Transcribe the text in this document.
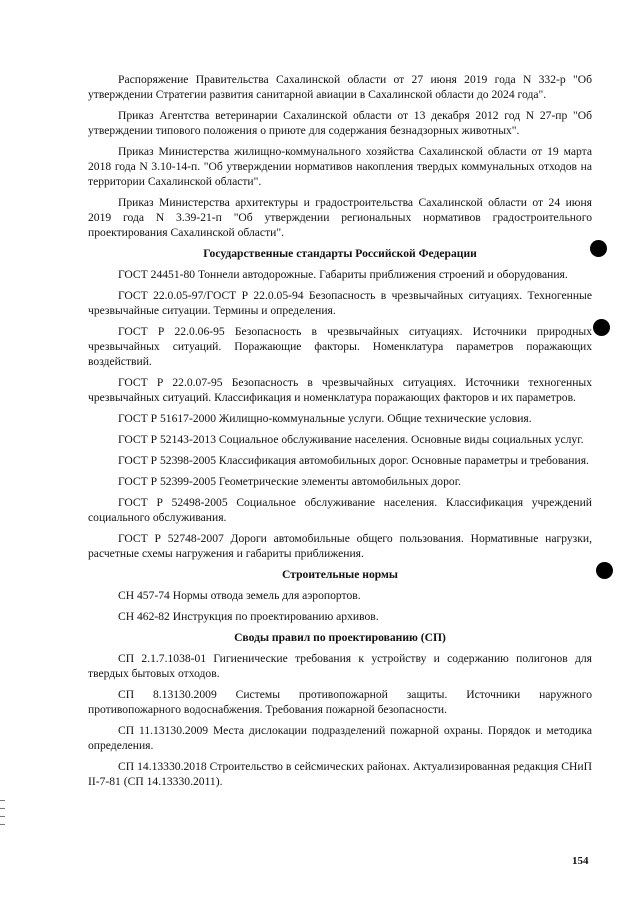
Распоряжение Правительства Сахалинской области от 27 июня 2019 года N 332-р "Об утверждении Стратегии развития санитарной авиации в Сахалинской области до 2024 года".

Приказ Агентства ветеринарии Сахалинской области от 13 декабря 2012 год N 27-пр "Об утверждении типового положения о приюте для содержания безнадзорных животных".

Приказ Министерства жилищно-коммунального хозяйства Сахалинской области от 19 марта 2018 года N 3.10-14-п. "Об утверждении нормативов накопления твердых коммунальных отходов на территории Сахалинской области".

Приказ Министерства архитектуры и градостроительства Сахалинской области от 24 июня 2019 года N 3.39-21-п "Об утверждении региональных нормативов градостроительного проектирования Сахалинской области".

Государственные стандарты Российской Федерации

ГОСТ 24451-80 Тоннели автодорожные. Габариты приближения строений и оборудования.

ГОСТ 22.0.05-97/ГОСТ Р 22.0.05-94 Безопасность в чрезвычайных ситуациях. Техногенные чрезвычайные ситуации. Термины и определения.

ГОСТ Р 22.0.06-95 Безопасность в чрезвычайных ситуациях. Источники природных чрезвычайных ситуаций. Поражающие факторы. Номенклатура параметров поражающих воздействий.

ГОСТ Р 22.0.07-95 Безопасность в чрезвычайных ситуациях. Источники техногенных чрезвычайных ситуаций. Классификация и номенклатура поражающих факторов и их параметров.

ГОСТ Р 51617-2000 Жилищно-коммунальные услуги. Общие технические условия.

ГОСТ Р 52143-2013 Социальное обслуживание населения. Основные виды социальных услуг.

ГОСТ Р 52398-2005 Классификация автомобильных дорог. Основные параметры и требования.

ГОСТ Р 52399-2005 Геометрические элементы автомобильных дорог.

ГОСТ Р 52498-2005 Социальное обслуживание населения. Классификация учреждений социального обслуживания.

ГОСТ Р 52748-2007 Дороги автомобильные общего пользования. Нормативные нагрузки, расчетные схемы нагружения и габариты приближения.

Строительные нормы

СН 457-74 Нормы отвода земель для аэропортов.

СН 462-82 Инструкция по проектированию архивов.

Своды правил по проектированию (СП)

СП 2.1.7.1038-01 Гигиенические требования к устройству и содержанию полигонов для твердых бытовых отходов.

СП 8.13130.2009 Системы противопожарной защиты. Источники наружного противопожарного водоснабжения. Требования пожарной безопасности.

СП 11.13130.2009 Места дислокации подразделений пожарной охраны. Порядок и методика определения.

СП 14.13330.2018 Строительство в сейсмических районах. Актуализированная редакция СНиП II-7-81 (СП 14.13330.2011).

154
